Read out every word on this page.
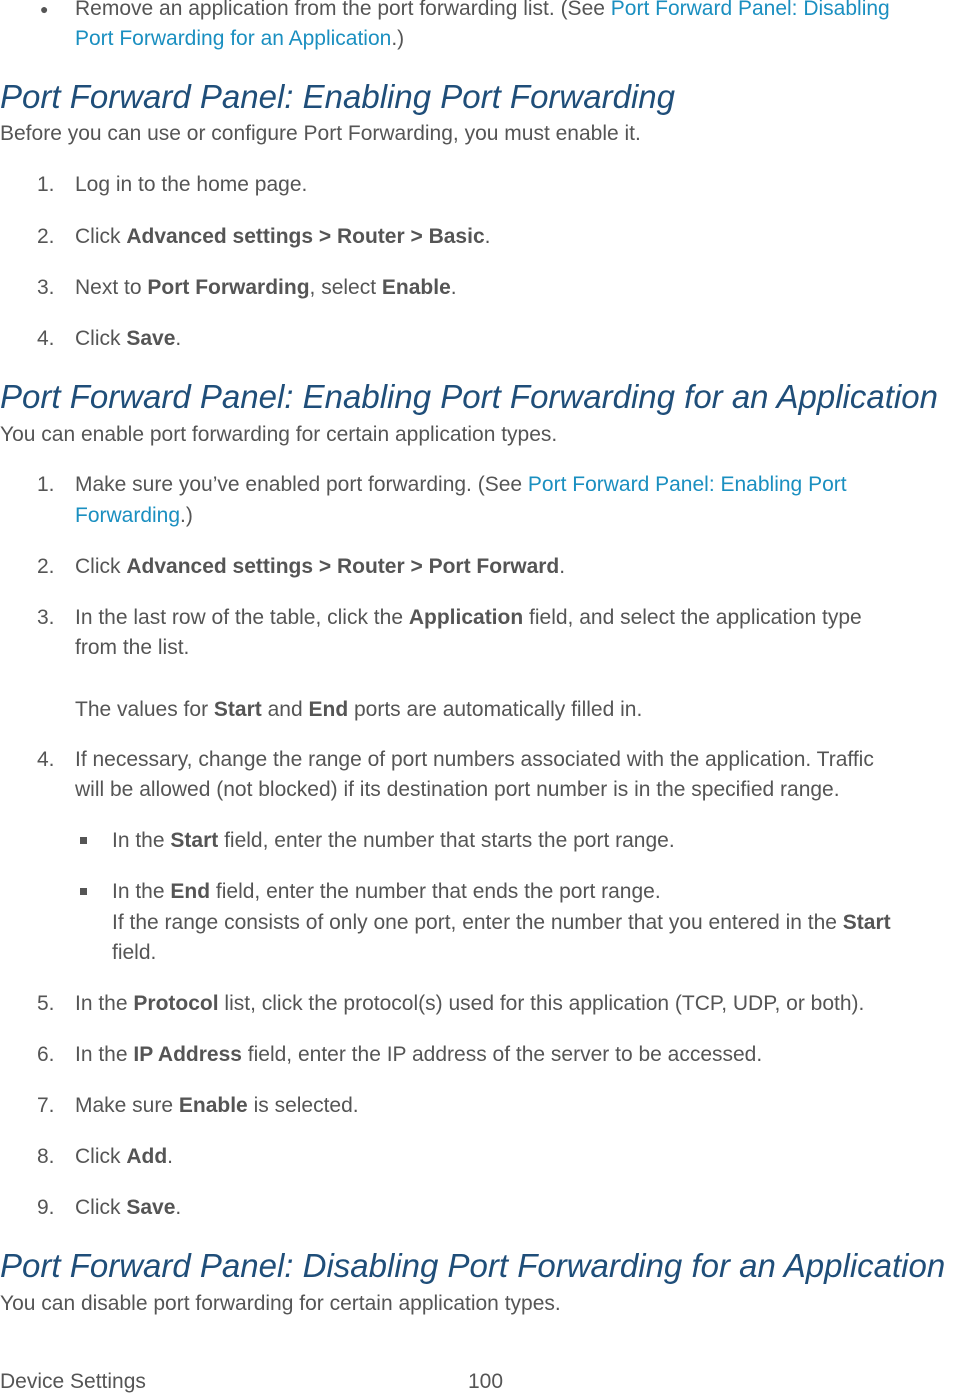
● Remove an application from the port forwarding list. (See Port Forward Panel: Disabling
Port Forwarding for an Application.)
Port Forward Panel: Enabling Port Forwarding
Before you can use or configure Port Forwarding, you must enable it.
1. Log in to the home page.
2. Click Advanced settings > Router > Basic.
3. Next to Port Forwarding, select Enable.
4. Click Save.
Port Forward Panel: Enabling Port Forwarding for an Application
You can enable port forwarding for certain application types.
1. Make sure you’ve enabled port forwarding. (See Port Forward Panel: Enabling Port
Forwarding.)
2. Click Advanced settings > Router > Port Forward.
3. In the last row of the table, click the Application field, and select the application type
from the list.
The values for Start and End ports are automatically filled in.
4. If necessary, change the range of port numbers associated with the application. Traffic
will be allowed (not blocked) if its destination port number is in the specified range.
In the Start field, enter the number that starts the port range.
In the End field, enter the number that ends the port range.
If the range consists of only one port, enter the number that you entered in the Start
field.
5. In the Protocol list, click the protocol(s) used for this application (TCP, UDP, or both).
6. In the IP Address field, enter the IP address of the server to be accessed.
7. Make sure Enable is selected.
8. Click Add.
9. Click Save.
Port Forward Panel: Disabling Port Forwarding for an Application
You can disable port forwarding for certain application types.
Device Settings	100
